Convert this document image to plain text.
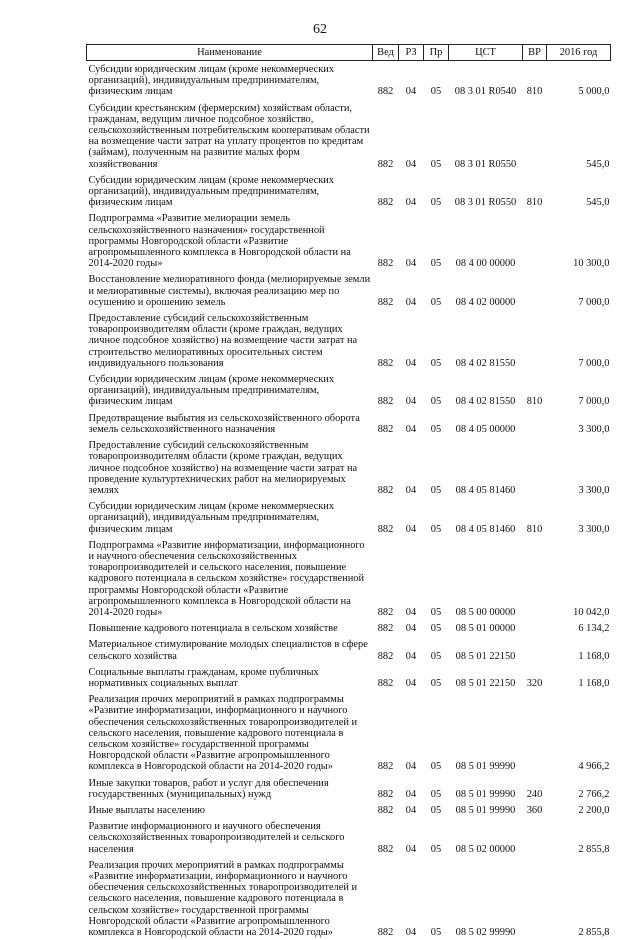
62
Наименование	Вед	РЗ	Пр	ЦСТ	ВР	2016 год
Субсидии юридическим лицам (кроме некоммерческих организаций), индивидуальным предпринимателям, физическим лицам	882	04	05	08 3 01 R0540	810	5 000,0
Субсидии крестьянским (фермерским) хозяйствам области, гражданам, ведущим личное подсобное хозяйство, сельскохозяйственным потребительским кооперативам области на возмещение части затрат на уплату процентов по кредитам (займам), полученным на развитие малых форм хозяйствования	882	04	05	08 3 01 R0550		545,0
Субсидии юридическим лицам (кроме некоммерческих организаций), индивидуальным предпринимателям, физическим лицам	882	04	05	08 3 01 R0550	810	545,0
Подпрограмма «Развитие мелиорации земель сельскохозяйственного назначения» государственной программы Новгородской области «Развитие агропромышленного комплекса в Новгородской области на 2014-2020 годы»	882	04	05	08 4 00 00000		10 300,0
Восстановление мелиоративного фонда (мелиорируемые земли и мелиоративные системы), включая реализацию мер по осушению и орошению земель	882	04	05	08 4 02 00000		7 000,0
Предоставление субсидий сельскохозяйственным товаропроизводителям области (кроме граждан, ведущих личное подсобное хозяйство) на возмещение части затрат на строительство мелиоративных оросительных систем индивидуального пользования	882	04	05	08 4 02 81550		7 000,0
Субсидии юридическим лицам (кроме некоммерческих организаций), индивидуальным предпринимателям, физическим лицам	882	04	05	08 4 02 81550	810	7 000,0
Предотвращение выбытия из сельскохозяйственного оборота земель сельскохозяйственного назначения	882	04	05	08 4 05 00000		3 300,0
Предоставление субсидий сельскохозяйственным товаропроизводителям области (кроме граждан, ведущих личное подсобное хозяйство) на возмещение части затрат на проведение культуртехнических работ на мелиорируемых землях	882	04	05	08 4 05 81460		3 300,0
Субсидии юридическим лицам (кроме некоммерческих организаций), индивидуальным предпринимателям, физическим лицам	882	04	05	08 4 05 81460	810	3 300,0
Подпрограмма «Развитие информатизации, информационного и научного обеспечения сельскохозяйственных товаропроизводителей и сельского населения, повышение кадрового потенциала в сельском хозяйстве» государственной программы Новгородской области «Развитие агропромышленного комплекса в Новгородской области на 2014-2020 годы»	882	04	05	08 5 00 00000		10 042,0
Повышение кадрового потенциала в сельском хозяйстве	882	04	05	08 5 01 00000		6 134,2
Материальное стимулирование молодых специалистов в сфере сельского хозяйства	882	04	05	08 5 01 22150		1 168,0
Социальные выплаты гражданам, кроме публичных нормативных социальных выплат	882	04	05	08 5 01 22150	320	1 168,0
Реализация прочих мероприятий в рамках подпрограммы «Развитие информатизации, информационного и научного обеспечения сельскохозяйственных товаропроизводителей и сельского населения, повышение кадрового потенциала в сельском хозяйстве» государственной программы Новгородской области «Развитие агропромышленного комплекса в Новгородской области на 2014-2020 годы»	882	04	05	08 5 01 99990		4 966,2
Иные закупки товаров, работ и услуг для обеспечения государственных (муниципальных) нужд	882	04	05	08 5 01 99990	240	2 766,2
Иные выплаты населению	882	04	05	08 5 01 99990	360	2 200,0
Развитие информационного и научного обеспечения сельскохозяйственных товаропроизводителей и сельского населения	882	04	05	08 5 02 00000		2 855,8
Реализация прочих мероприятий в рамках подпрограммы «Развитие информатизации, информационного и научного обеспечения сельскохозяйственных товаропроизводителей и сельского населения, повышение кадрового потенциала в сельском хозяйстве» государственной программы Новгородской области «Развитие агропромышленного комплекса в Новгородской области на 2014-2020 годы»	882	04	05	08 5 02 99990		2 855,8
